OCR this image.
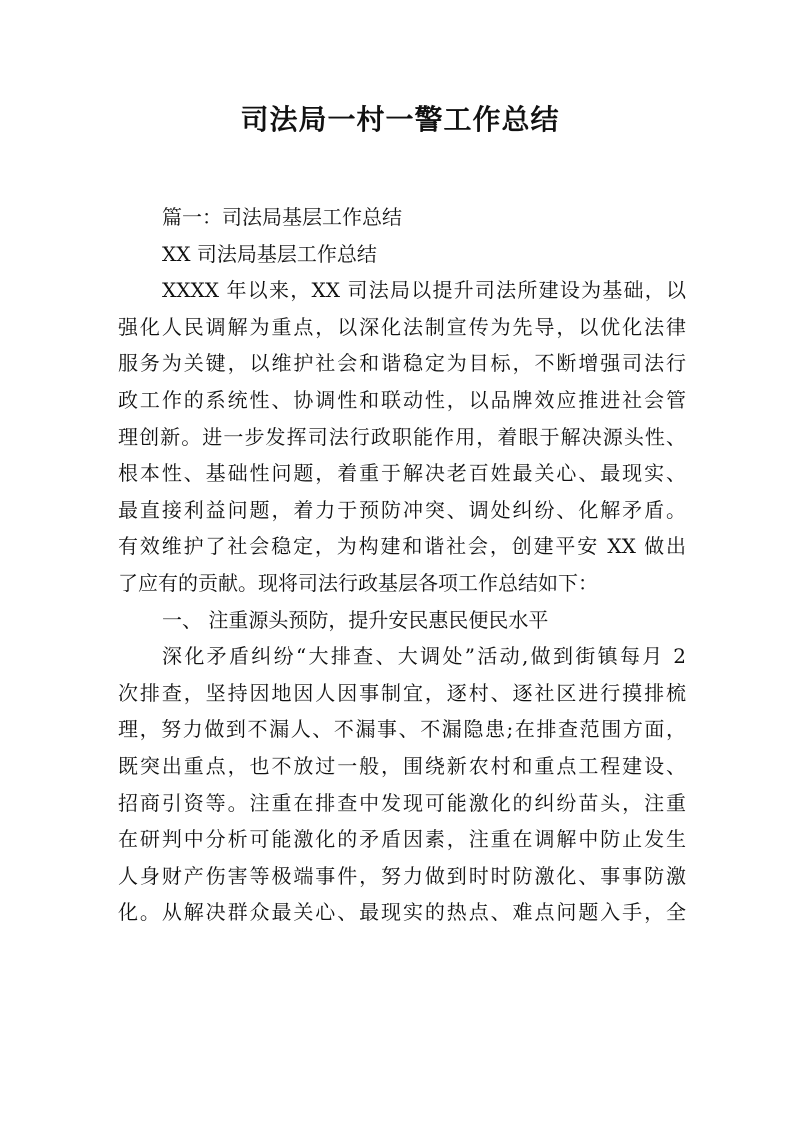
司法局一村一警工作总结

篇一：司法局基层工作总结

XX 司法局基层工作总结

XXXX 年以来，XX 司法局以提升司法所建设为基础，以

强化人民调解为重点，以深化法制宣传为先导，以优化法律

服务为关键，以维护社会和谐稳定为目标，不断增强司法行

政工作的系统性、协调性和联动性，以品牌效应推进社会管

理创新。进一步发挥司法行政职能作用，着眼于解决源头性、

根本性、基础性问题，着重于解决老百姓最关心、最现实、

最直接利益问题，着力于预防冲突、调处纠纷、化解矛盾。

有效维护了社会稳定，为构建和谐社会，创建平安 XX 做出

了应有的贡献。现将司法行政基层各项工作总结如下：

一、 注重源头预防，提升安民惠民便民水平

深化矛盾纠纷“大排查、大调处”活动,做到街镇每月 2

次排查，坚持因地因人因事制宜，逐村、逐社区进行摸排梳

理，努力做到不漏人、不漏事、不漏隐患;在排查范围方面，

既突出重点，也不放过一般，围绕新农村和重点工程建设、

招商引资等。注重在排查中发现可能激化的纠纷苗头，注重

在研判中分析可能激化的矛盾因素，注重在调解中防止发生

人身财产伤害等极端事件，努力做到时时防激化、事事防激

化。从解决群众最关心、最现实的热点、难点问题入手，全
